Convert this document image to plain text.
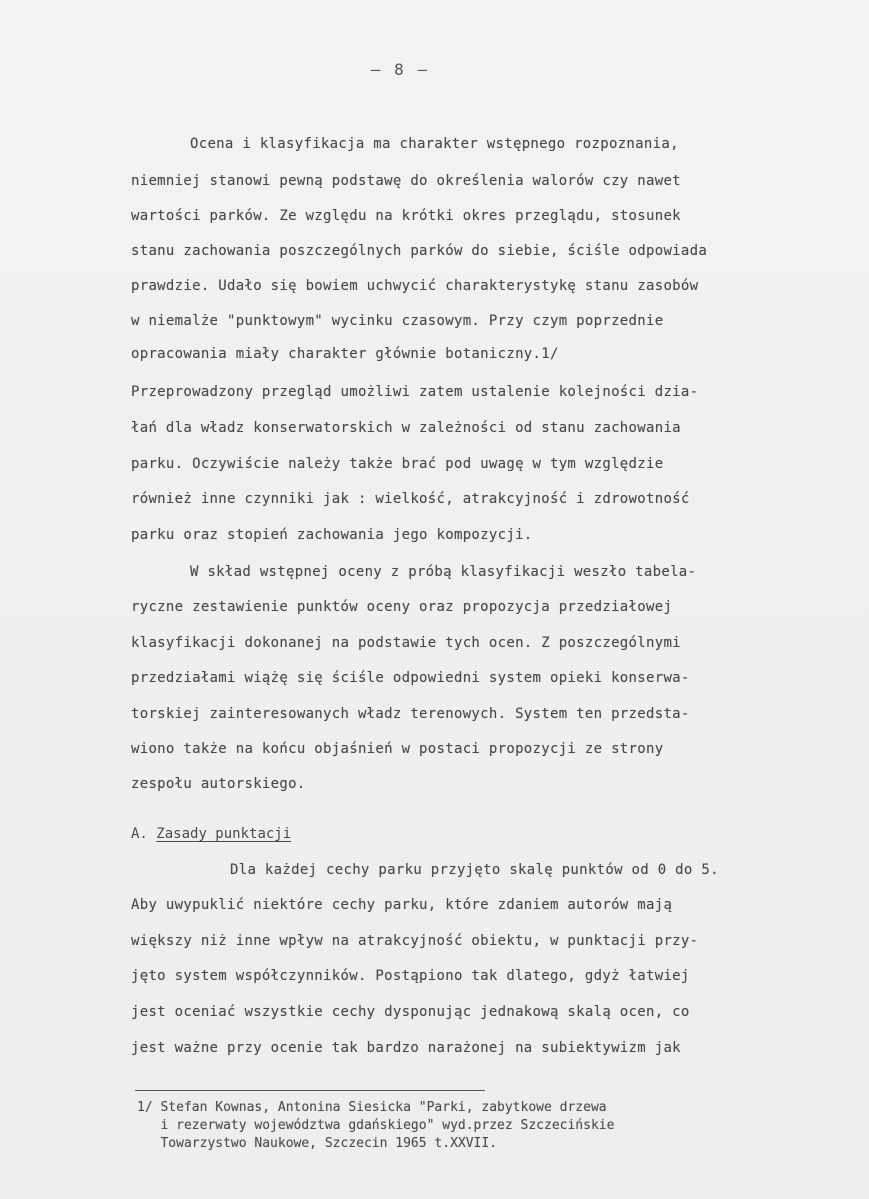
– 8 –
Ocena i klasyfikacja ma charakter wstępnego rozpoznania,
niemniej stanowi pewną podstawę do określenia walorów czy nawet
wartości parków. Ze względu na krótki okres przeglądu, stosunek
stanu zachowania poszczególnych parków do siebie, ściśle odpowiada
prawdzie. Udało się bowiem uchwycić charakterystykę stanu zasobów
w niemalże "punktowym" wycinku czasowym. Przy czym poprzednie
opracowania miały charakter głównie botaniczny.1/
Przeprowadzony przegląd umożliwi zatem ustalenie kolejności dzia-
łań dla władz konserwatorskich w zależności od stanu zachowania
parku. Oczywiście należy także brać pod uwagę w tym względzie
również inne czynniki jak : wielkość, atrakcyjność i zdrowotność
parku oraz stopień zachowania jego kompozycji.
W skład wstępnej oceny z próbą klasyfikacji weszło tabela-
ryczne zestawienie punktów oceny oraz propozycja przedziałowej
klasyfikacji dokonanej na podstawie tych ocen. Z poszczególnymi
przedziałami wiążę się ściśle odpowiedni system opieki konserwa-
torskiej zainteresowanych władz terenowych. System ten przedsta-
wiono także na końcu objaśnień w postaci propozycji ze strony
zespołu autorskiego.
A. Zasady punktacji
Dla każdej cechy parku przyjęto skalę punktów od 0 do 5.
Aby uwypuklić niektóre cechy parku, które zdaniem autorów mają
większy niż inne wpływ na atrakcyjność obiektu, w punktacji przy-
jęto system współczynników. Postąpiono tak dlatego, gdyż łatwiej
jest oceniać wszystkie cechy dysponując jednakową skalą ocen, co
jest ważne przy ocenie tak bardzo narażonej na subiektywizm jak
1/ Stefan Kownas, Antonina Siesicka "Parki, zabytkowe drzewa
i rezerwaty województwa gdańskiego" wyd.przez Szczecińskie
Towarzystwo Naukowe, Szczecin 1965 t.XXVII.
